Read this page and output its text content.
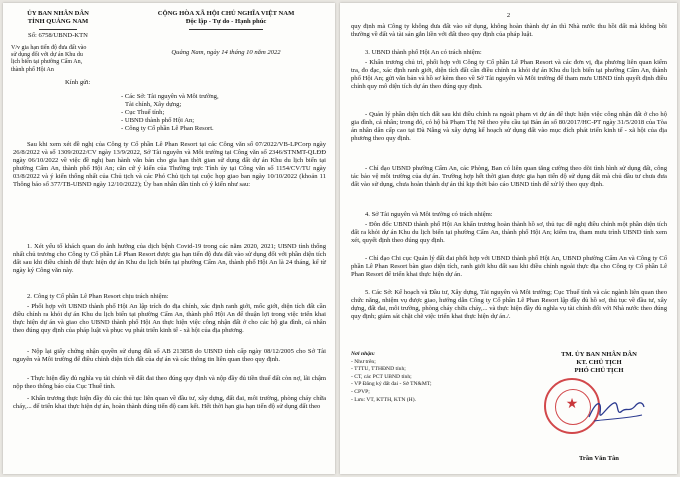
ỦY BAN NHÂN DÂN
TỈNH QUẢNG NAM
Số: 6758/UBND-KTN
CỘNG HÒA XÃ HỘI CHỦ NGHĨA VIỆT NAM
Độc lập - Tự do - Hạnh phúc
V/v gia hạn tiến độ đưa đất vào
sử dụng đối với dự án Khu du
lịch biển tại phường Cẩm An,
thành phố Hội An
Quảng Nam, ngày 14 tháng 10 năm 2022
Kính gửi:
- Các Sở: Tài nguyên và Môi trường,
Tài chính, Xây dựng;
- Cục Thuế tỉnh;
- UBND thành phố Hội An;
- Công ty Cổ phần Lê Phan Resort.
Sau khi xem xét đề nghị của Công ty Cổ phần Lê Phan Resort tại các Công văn số 07/2022/VB-LPCorp ngày 26/8/2022 và số 1309/2022/CV ngày 13/9/2022, Sở Tài nguyên và Môi trường tại Công văn số 2346/STNMT-QLĐĐ ngày 06/10/2022 về việc đề nghị ban hành văn bản cho gia hạn thời gian sử dụng đất dự án Khu du lịch biển tại phường Cẩm An, thành phố Hội An; căn cứ ý kiến của Thường trực Tỉnh ủy tại Công văn số 1154/CV/TU ngày 03/8/2022 và ý kiến thống nhất của Chủ tịch và các Phó Chủ tịch tại cuộc họp giao ban ngày 10/10/2022 (khoản 11 Thông báo số 377/TB-UBND ngày 12/10/2022); Ủy ban nhân dân tỉnh có ý kiến như sau:
1. Xét yếu tố khách quan do ảnh hưởng của dịch bệnh Covid-19 trong các năm 2020, 2021; UBND tỉnh thống nhất chủ trương cho Công ty Cổ phần Lê Phan Resort được gia hạn tiến độ đưa đất vào sử dụng đối với phần diện tích đất sau khi điều chỉnh để thực hiện dự án Khu du lịch biển tại phường Cẩm An, thành phố Hội An là 24 tháng, kể từ ngày ký Công văn này.
2. Công ty Cổ phần Lê Phan Resort chịu trách nhiệm:
- Phối hợp với UBND thành phố Hội An lập trích đo địa chính, xác định ranh giới, mốc giới, diện tích đất cần điều chỉnh ra khỏi dự án Khu du lịch biển tại phường Cẩm An, thành phố Hội An để thuận lợi trong việc triển khai thực hiện dự án và giao cho UBND thành phố Hội An thực hiện việc công nhận đất ở cho các hộ gia đình, cá nhân theo đúng quy định của pháp luật và phục vụ phát triển kinh tế - xã hội của địa phương.
- Nộp lại giấy chứng nhận quyền sử dụng đất số AB 213858 do UBND tỉnh cấp ngày 08/12/2005 cho Sở Tài nguyên và Môi trường để điều chỉnh diện tích đất của dự án và các thông tin liên quan theo quy định.
- Thực hiện đầy đủ nghĩa vụ tài chính về đất đai theo đúng quy định và nộp đầy đủ tiền thuế đất còn nợ, lãi chậm nộp theo thông báo của Cục Thuế tỉnh.
- Khẩn trương thực hiện đầy đủ các thủ tục liên quan về đầu tư, xây dựng, đất đai, môi trường, phòng cháy chữa cháy,... để triển khai thực hiện dự án, hoàn thành đúng tiến độ cam kết. Hết thời hạn gia hạn tiến độ sử dụng đất theo
2
quy định mà Công ty không đưa đất vào sử dụng, không hoàn thành dự án thì Nhà nước thu hồi đất mà không bồi thường về đất và tài sản gắn liền với đất theo quy định của pháp luật.
3. UBND thành phố Hội An có trách nhiệm:
- Khẩn trương chủ trì, phối hợp với Công ty Cổ phần Lê Phan Resort và các đơn vị, địa phương liên quan kiểm tra, đo đạc, xác định ranh giới, diện tích đất cần điều chỉnh ra khỏi dự án Khu du lịch biển tại phường Cẩm An, thành phố Hội An; gửi văn bản và hồ sơ kèm theo về Sở Tài nguyên và Môi trường để tham mưu UBND tỉnh quyết định điều chỉnh quy mô diện tích dự án theo đúng quy định.
- Quản lý phần diện tích đất sau khi điều chỉnh ra ngoài phạm vi dự án để thực hiện việc công nhận đất ở cho hộ gia đình, cá nhân; trong đó, có hộ bà Phạm Thị Nê theo yêu cầu tại Bản án số 80/2017/HC-PT ngày 31/5/2018 của Tòa án nhân dân cấp cao tại Đà Nẵng và xây dựng kế hoạch sử dụng đất vào mục đích phát triển kinh tế - xã hội của địa phương theo quy định.
- Chỉ đạo UBND phường Cẩm An, các Phòng, Ban có liên quan tăng cường theo dõi tình hình sử dụng đất, công tác bảo vệ môi trường của dự án. Trường hợp hết thời gian được gia hạn tiến độ sử dụng đất mà chủ đầu tư chưa đưa đất vào sử dụng, chưa hoàn thành dự án thì kịp thời báo cáo UBND tỉnh để xử lý theo quy định.
4. Sở Tài nguyên và Môi trường có trách nhiệm:
- Đôn đốc UBND thành phố Hội An khẩn trương hoàn thành hồ sơ, thủ tục đề nghị điều chỉnh một phần diện tích đất ra khỏi dự án Khu du lịch biển tại phường Cẩm An, thành phố Hội An; kiểm tra, tham mưu trình UBND tỉnh xem xét, quyết định theo đúng quy định.
- Chỉ đạo Chi cục Quản lý đất đai phối hợp với UBND thành phố Hội An, UBND phường Cẩm An và Công ty Cổ phần Lê Phan Resort bàn giao diện tích, ranh giới khu đất sau khi điều chỉnh ngoài thực địa cho Công ty Cổ phần Lê Phan Resort để triển khai thực hiện dự án.
5. Các Sở: Kế hoạch và Đầu tư, Xây dựng, Tài nguyên và Môi trường; Cục Thuế tỉnh và các ngành liên quan theo chức năng, nhiệm vụ được giao, hướng dẫn Công ty Cổ phần Lê Phan Resort lập đầy đủ hồ sơ, thủ tục về đầu tư, xây dựng, đất đai, môi trường, phòng cháy chữa cháy,... và thực hiện đầy đủ nghĩa vụ tài chính đối với Nhà nước theo đúng quy định; giám sát chặt chẽ việc triển khai thực hiện dự án./.
Nơi nhận:
- Như trên;
- TTTU, TTHĐND tỉnh;
- CT, các PCT UBND tỉnh;
- VP Đăng ký đất đai - Sở TN&MT;
- CPVP;
- Lưu: VT, KTTH, KTN (H).
TM. ỦY BAN NHÂN DÂN
KT. CHỦ TỊCH
PHÓ CHỦ TỊCH
★
Trần Văn Tân
